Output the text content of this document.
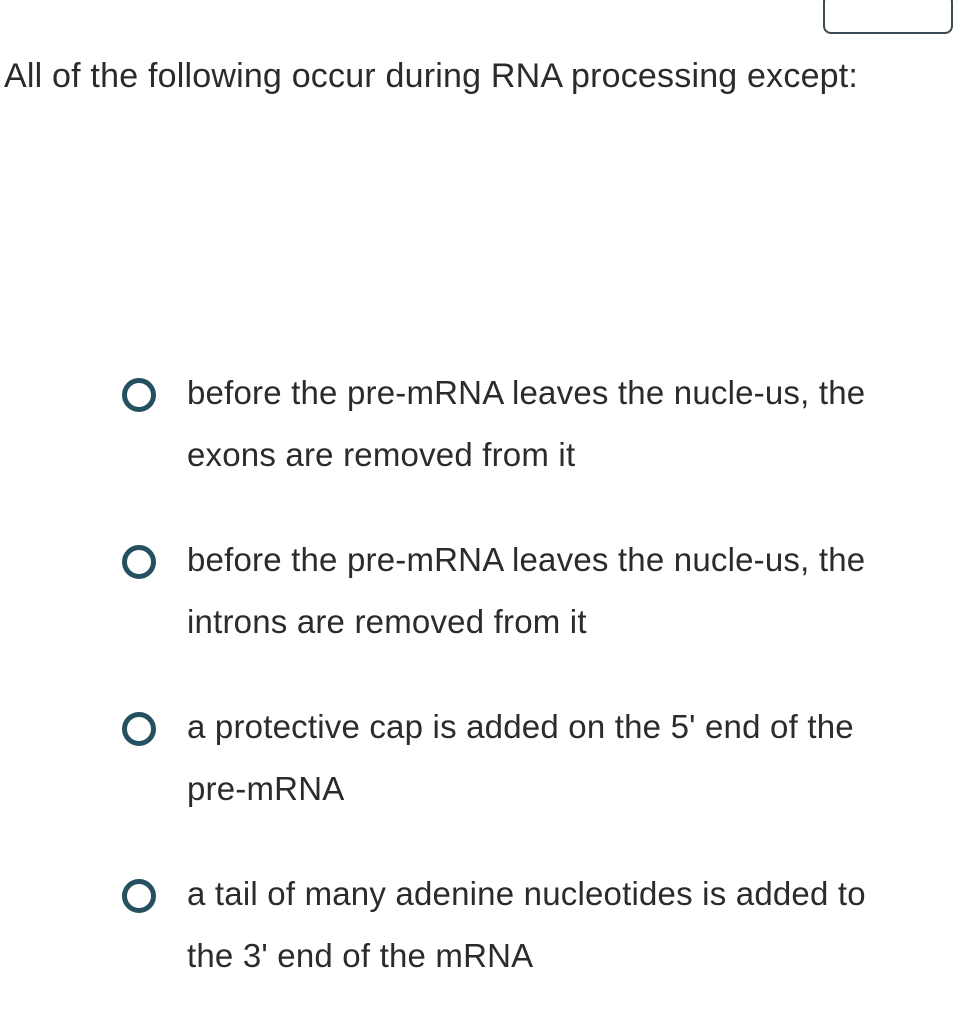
All of the following occur during RNA processing except:

before the pre-mRNA leaves the nucle-us, the exons are removed from it
before the pre-mRNA leaves the nucle-us, the introns are removed from it
a protective cap is added on the 5' end of the pre-mRNA
a tail of many adenine nucleotides is added to the 3' end of the mRNA
